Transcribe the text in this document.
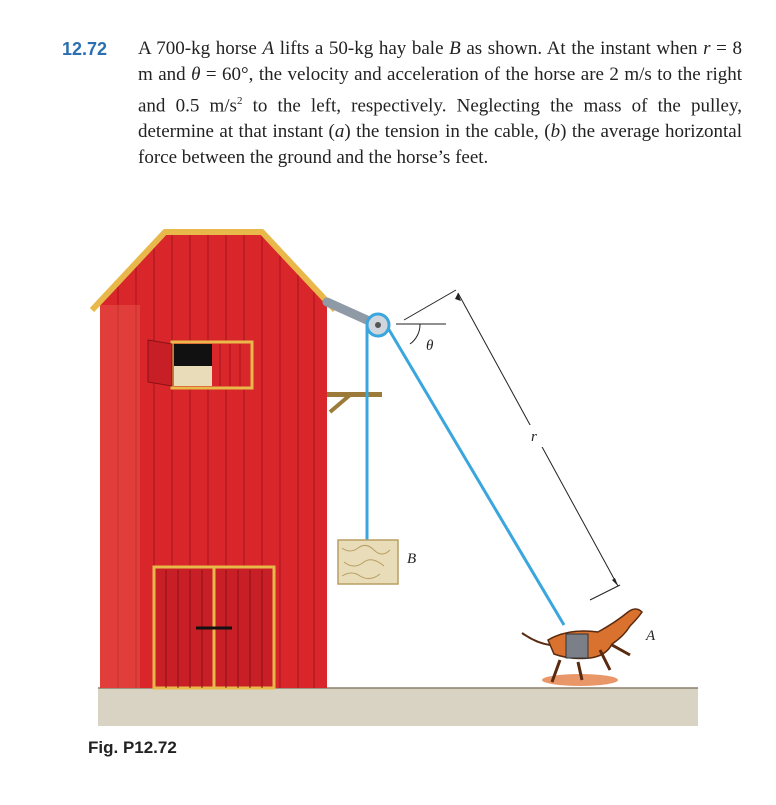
12.72 A 700-kg horse A lifts a 50-kg hay bale B as shown. At the instant when r = 8 m and θ = 60°, the velocity and acceleration of the horse are 2 m/s to the right and 0.5 $m/s^2$ to the left, respectively. Neglecting the mass of the pulley, determine at that instant (a) the tension in the cable, (b) the average horizontal force between the ground and the horse’s feet.
θ
r
B
A
Fig. P12.72
